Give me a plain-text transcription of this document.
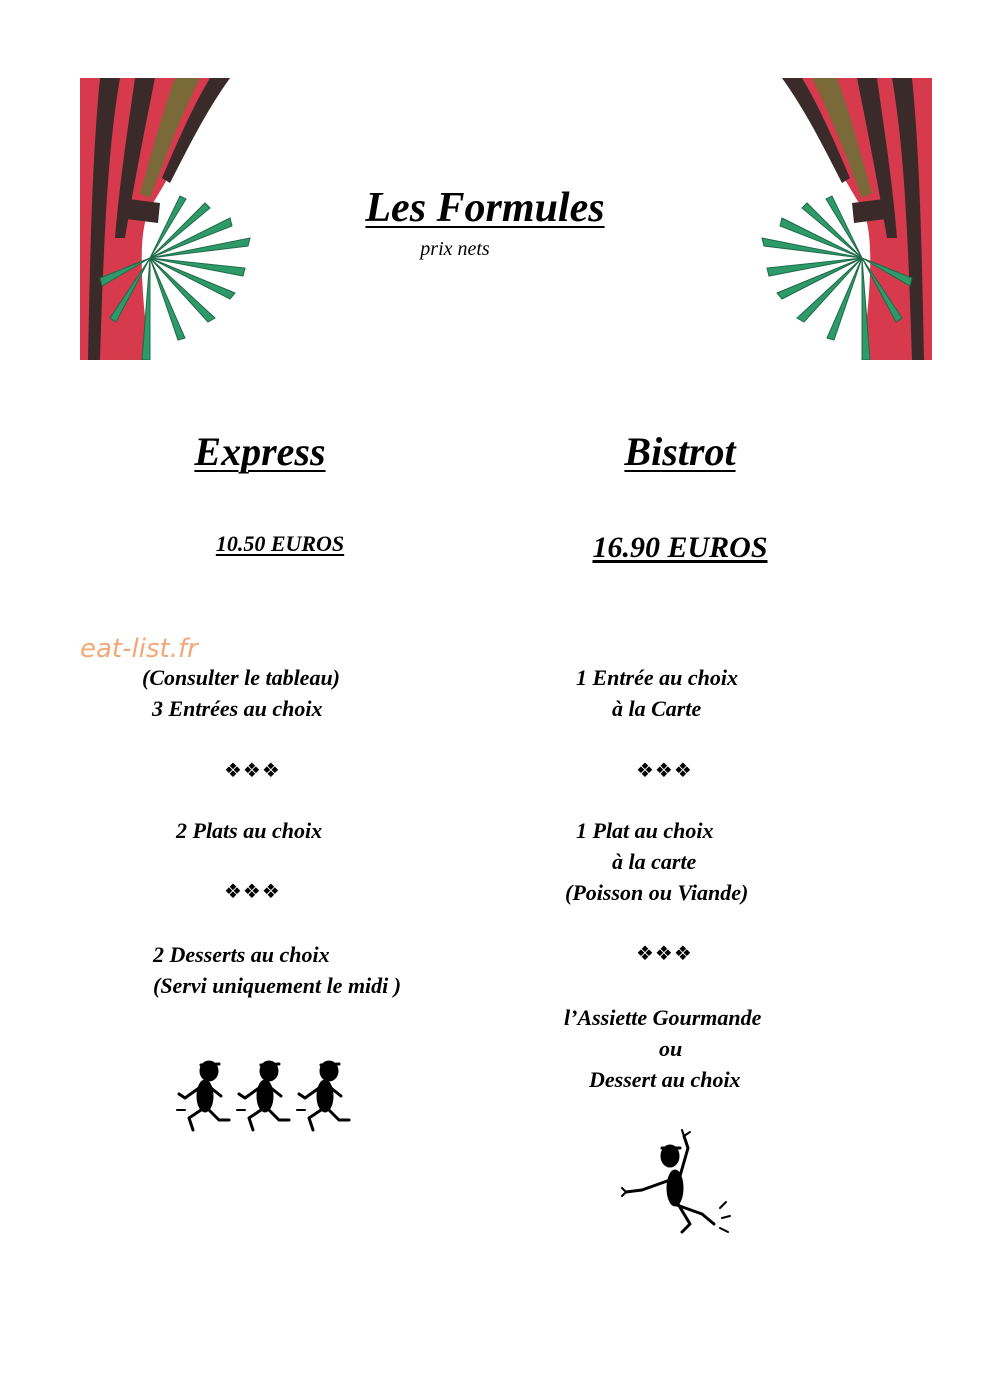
Les Formules
prix nets
eat-list.fr
Express
10.50 EUROS
(Consulter le tableau)
3 Entrées au choix
❖❖❖
2 Plats au choix
❖❖❖
2 Desserts au choix
(Servi uniquement le midi )
Bistrot
16.90 EUROS
1 Entrée au choix
à la Carte
❖❖❖
1 Plat au choix
à la carte
(Poisson ou Viande)
❖❖❖
l’Assiette Gourmande
ou
Dessert au choix
